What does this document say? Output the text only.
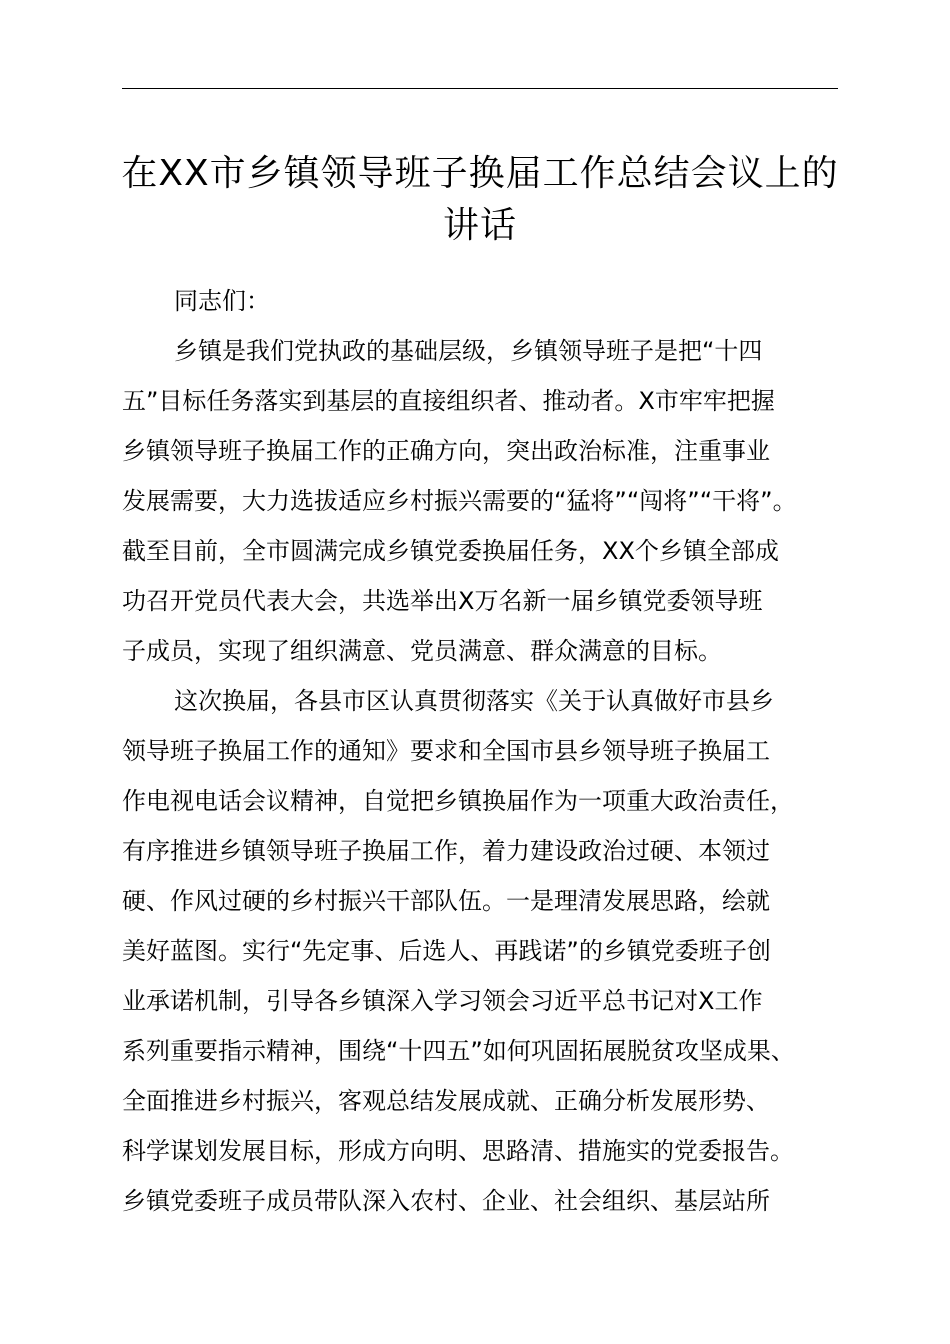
在XX市乡镇领导班子换届工作总结会议上的
讲话

同志们：

乡镇是我们党执政的基础层级，乡镇领导班子是把“十四
五”目标任务落实到基层的直接组织者、推动者。X市牢牢把握
乡镇领导班子换届工作的正确方向，突出政治标准，注重事业
发展需要，大力选拔适应乡村振兴需要的“猛将”“闯将”“干将”。
截至目前，全市圆满完成乡镇党委换届任务，XX个乡镇全部成
功召开党员代表大会，共选举出X万名新一届乡镇党委领导班
子成员，实现了组织满意、党员满意、群众满意的目标。

这次换届，各县市区认真贯彻落实《关于认真做好市县乡
领导班子换届工作的通知》要求和全国市县乡领导班子换届工
作电视电话会议精神，自觉把乡镇换届作为一项重大政治责任，
有序推进乡镇领导班子换届工作，着力建设政治过硬、本领过
硬、作风过硬的乡村振兴干部队伍。一是理清发展思路，绘就
美好蓝图。实行“先定事、后选人、再践诺”的乡镇党委班子创
业承诺机制，引导各乡镇深入学习领会习近平总书记对X工作
系列重要指示精神，围绕“十四五”如何巩固拓展脱贫攻坚成果、
全面推进乡村振兴，客观总结发展成就、正确分析发展形势、
科学谋划发展目标，形成方向明、思路清、措施实的党委报告。
乡镇党委班子成员带队深入农村、企业、社会组织、基层站所
